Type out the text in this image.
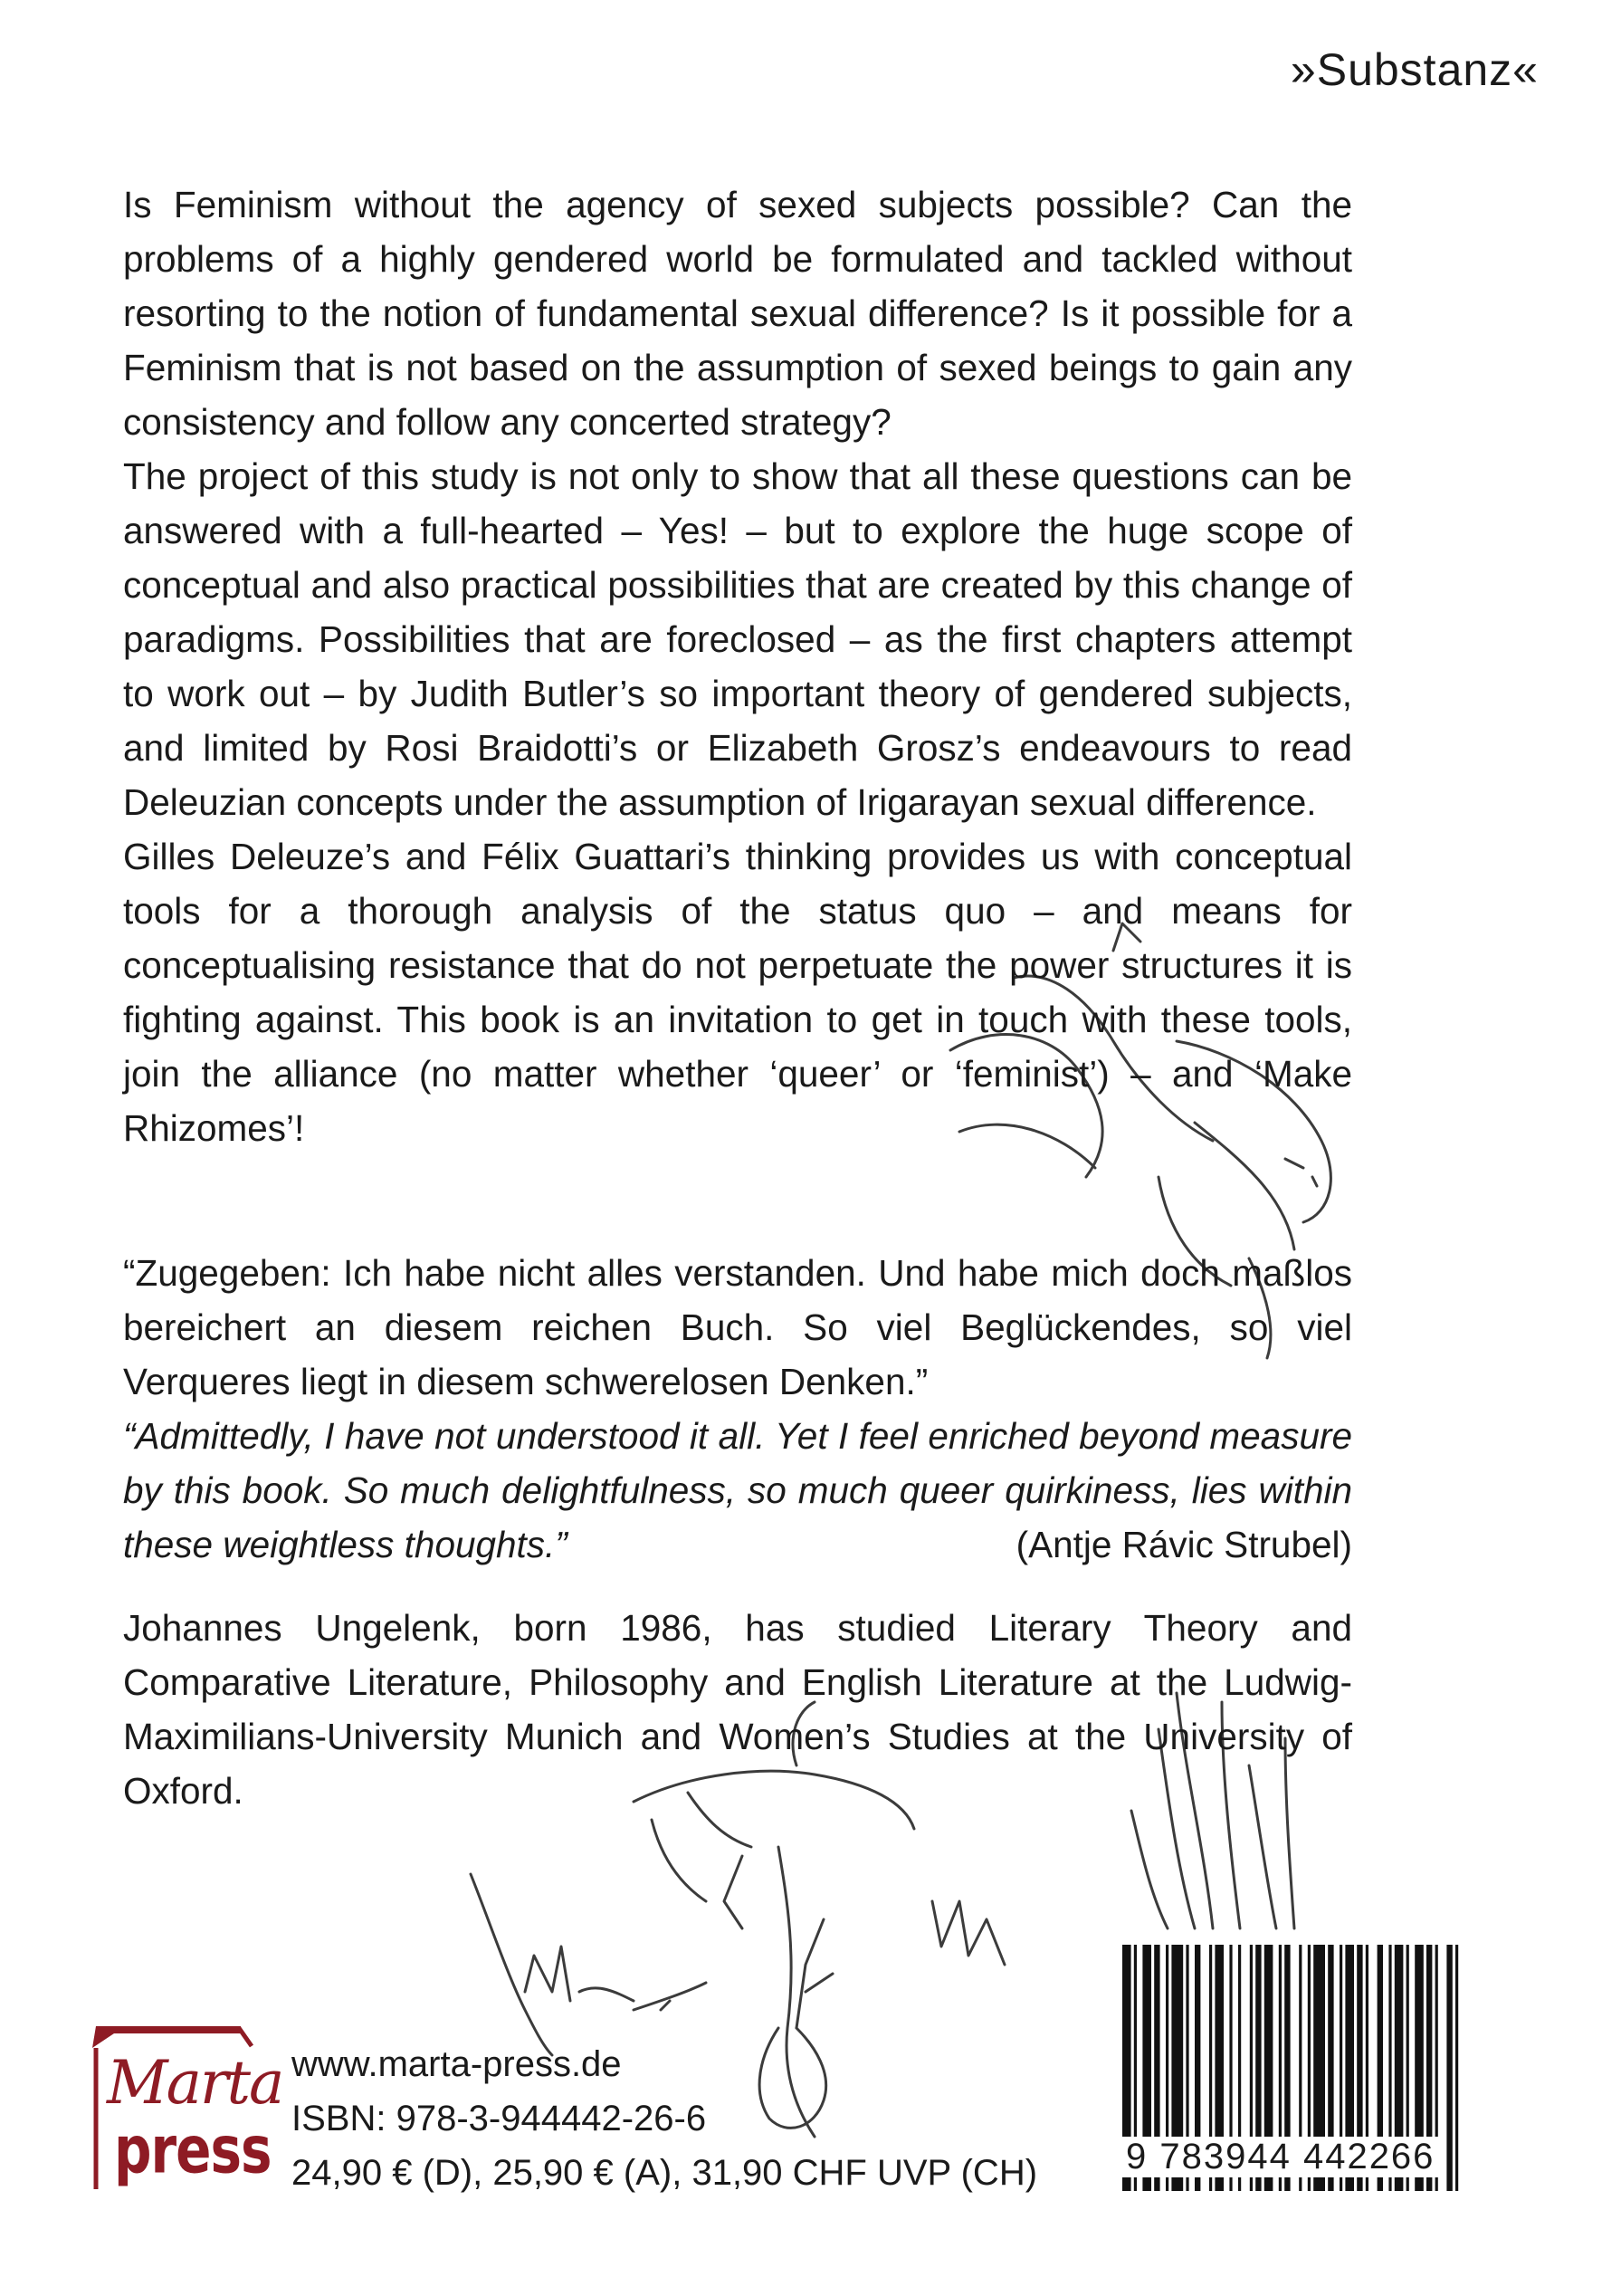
»Substanz«

Is Feminism without the agency of sexed subjects possible? Can the problems of a highly gendered world be formulated and tackled without resorting to the notion of fundamental sexual difference? Is it possible for a Feminism that is not based on the assumption of sexed beings to gain any consistency and follow any concerted strategy?

The project of this study is not only to show that all these questions can be answered with a full-hearted – Yes! – but to explore the huge scope of conceptual and also practical possibilities that are created by this change of paradigms. Possibilities that are foreclosed – as the first chapters attempt to work out – by Judith Butler’s so important theory of gendered subjects, and limited by Rosi Braidotti’s or Elizabeth Grosz’s endeavours to read Deleuzian concepts under the assumption of Irigarayan sexual difference.

Gilles Deleuze’s and Félix Guattari’s thinking provides us with conceptual tools for a thorough analysis of the status quo – and means for conceptualising resistance that do not perpetuate the power structures it is fighting against. This book is an invitation to get in touch with these tools, join the alliance (no matter whether ‘queer’ or ‘feminist’) – and ‘Make Rhizomes’!

“Zugegeben: Ich habe nicht alles verstanden. Und habe mich doch maßlos bereichert an diesem reichen Buch. So viel Beglückendes, so viel Verqueres liegt in diesem schwerelosen Denken.”

“Admittedly, I have not understood it all. Yet I feel enriched beyond measure by this book. So much delightfulness, so much queer quirkiness, lies within these weightless thoughts.”	(Antje Rávic Strubel)

Johannes Ungelenk, born 1986, has studied Literary Theory and Comparative Literature, Philosophy and English Literature at the Ludwig-Maximilians-University Munich and Women’s Studies at the University of Oxford.
Marta
press
www.marta-press.de
ISBN: 978-3-944442-26-6
24,90 € (D), 25,90 € (A), 31,90 CHF UVP (CH) 9 783944 442266
